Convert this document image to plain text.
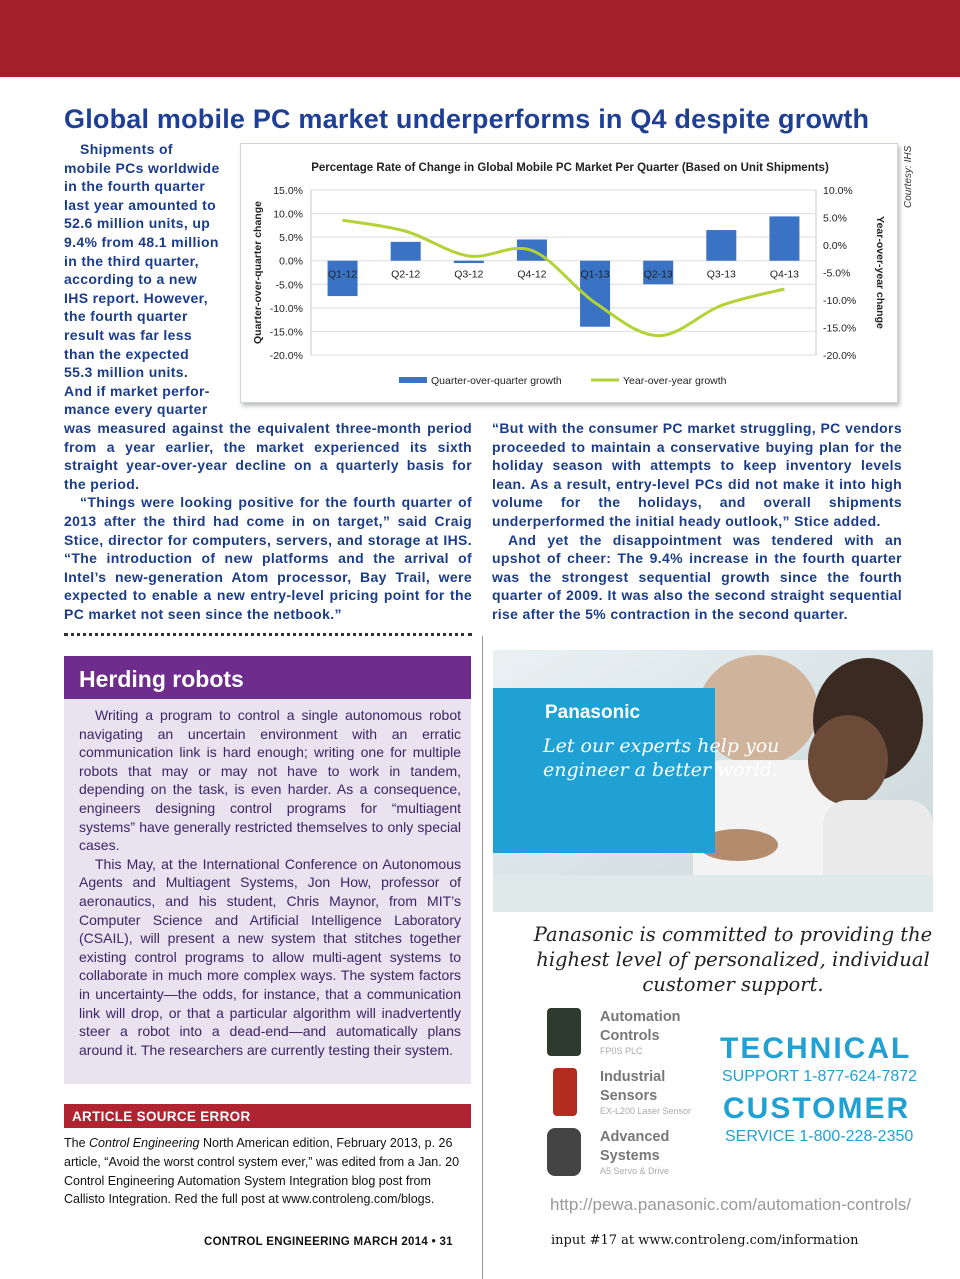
Global mobile PC market underperforms in Q4 despite growth
Courtesy: IHS
Shipments of
mobile PCs worldwide
in the fourth quarter
last year amounted to
52.6 million units, up
9.4% from 48.1 million
in the third quarter,
according to a new
IHS report. However,
the fourth quarter
result was far less
than the expected
55.3 million units.
And if market perfor-
mance every quarter
Percentage Rate of Change in Global Mobile PC Market Per Quarter (Based on Unit Shipments)
15.0%
10.0%
5.0%
0.0%
-5.0%
-10.0%
-15.0%
-20.0%
10.0%
5.0%
0.0%
-5.0%
-10.0%
-15.0%
-20.0%
Quarter-over-quarter change	Year-over-year change
Q1-12	Q2-12	Q3-12	Q4-12	Q1-13	Q2-13	Q3-13	Q4-13
Quarter-over-quarter growth	Year-over-year growth

was measured against the equivalent three-month period from a year earlier, the market experienced its sixth straight year-over-year decline on a quarterly basis for the period.

“Things were looking positive for the fourth quarter of 2013 after the third had come in on target,” said Craig Stice, director for computers, servers, and storage at IHS. “The introduction of new platforms and the arrival of Intel’s new-generation Atom processor, Bay Trail, were expected to enable a new entry-level pricing point for the PC market not seen since the netbook.”

“But with the consumer PC market struggling, PC vendors proceeded to maintain a conservative buying plan for the holiday season with attempts to keep inventory levels lean. As a result, entry-level PCs did not make it into high volume for the holidays, and overall shipments underperformed the initial heady outlook,” Stice added.

And yet the disappointment was tendered with an upshot of cheer: The 9.4% increase in the fourth quarter was the strongest sequential growth since the fourth quarter of 2009. It was also the second straight sequential rise after the 5% contraction in the second quarter.

Herding robots

Writing a program to control a single autonomous robot navigating an uncertain environment with an erratic communication link is hard enough; writing one for multiple robots that may or may not have to work in tandem, depending on the task, is even harder. As a consequence, engineers designing control programs for “multiagent systems” have generally restricted themselves to only special cases.

This May, at the International Conference on Autonomous Agents and Multiagent Systems, Jon How, professor of aeronautics, and his student, Chris Maynor, from MIT’s Computer Science and Artificial Intelligence Laboratory (CSAIL), will present a new system that stitches together existing control programs to allow multi-agent systems to collaborate in much more complex ways. The system factors in uncertainty—the odds, for instance, that a communication link will drop, or that a particular algorithm will inadvertently steer a robot into a dead-end—and automatically plans around it. The researchers are currently testing their system.

ARTICLE SOURCE ERROR
The Control Engineering North American edition, February 2013, p. 26 article, “Avoid the worst control system ever,” was edited from a Jan. 20 Control Engineering Automation System Integration blog post from Callisto Integration. Red the full post at www.controleng.com/blogs.
CONTROL ENGINEERING MARCH 2014 • 31
Panasonic
Let our experts help you engineer a better world.
Panasonic is committed to providing the highest level of personalized, individual customer support.
Automation Controls
FP0S PLC
Industrial Sensors
EX-L200 Laser Sensor
Advanced Systems
A5 Servo & Drive
TECHNICAL
SUPPORT 1-877-624-7872
CUSTOMER
SERVICE 1-800-228-2350
http://pewa.panasonic.com/automation-controls/
input #17 at www.controleng.com/information
